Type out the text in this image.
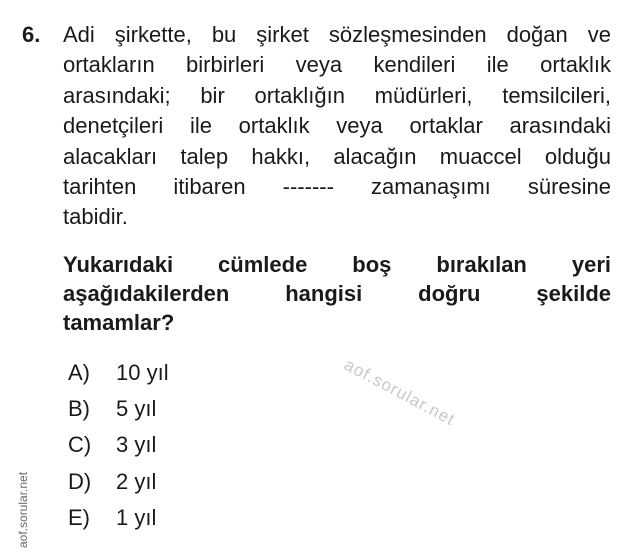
6. Adi şirkette, bu şirket sözleşmesinden doğan ve
ortakların birbirleri veya kendileri ile ortaklık
arasındaki; bir ortaklığın müdürleri, temsilcileri,
denetçileri ile ortaklık veya ortaklar arasındaki
alacakları talep hakkı, alacağın muaccel olduğu
tarihten itibaren ------- zamanaşımı süresine
tabidir.
Yukarıdaki cümlede boş bırakılan yeri
aşağıdakilerden hangisi doğru şekilde
tamamlar?
aof.sorular.net
A)	10 yıl
B)	5 yıl
C)	3 yıl
D)	2 yıl
E)	1 yıl
aof.sorular.net
